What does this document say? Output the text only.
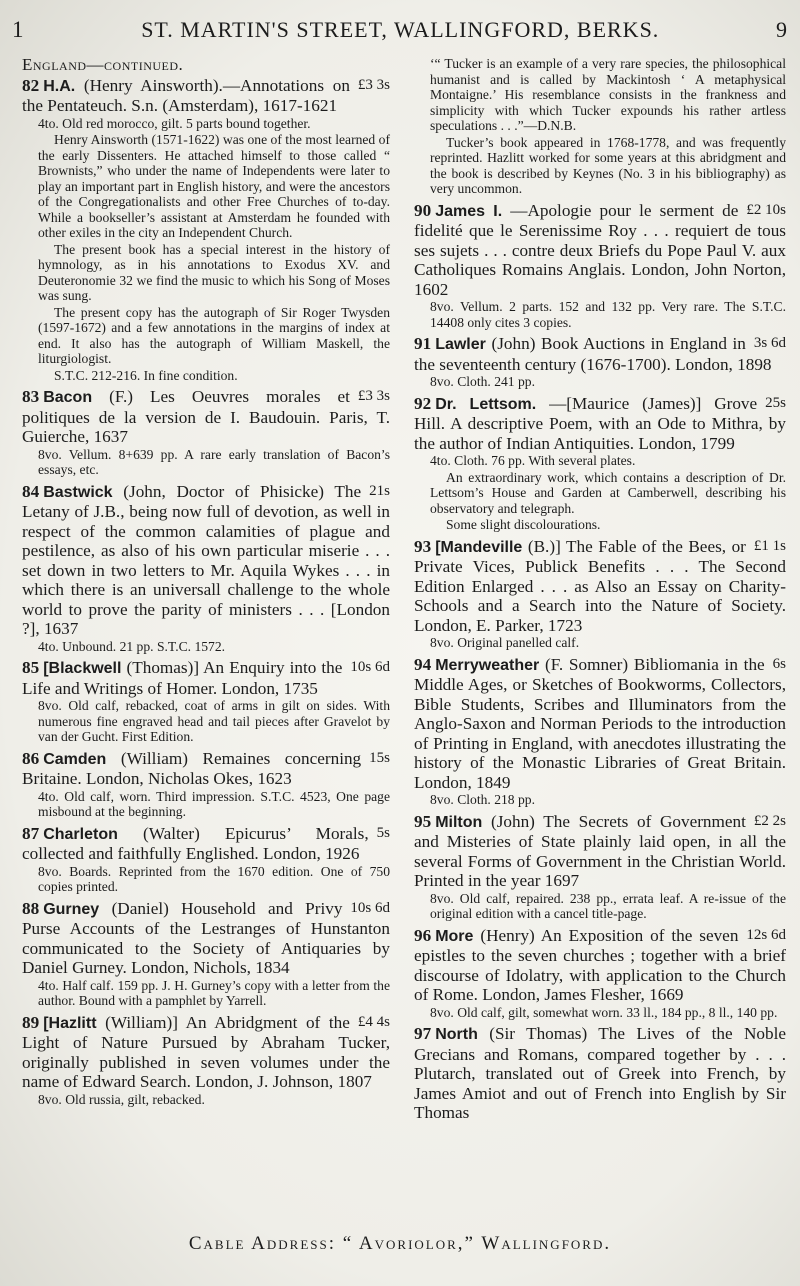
1	ST. MARTIN'S STREET, WALLINGFORD, BERKS.	9
England—continued.
£3 3s
82 H.A. (Henry Ainsworth).—Annotations on the Pentateuch. S.n. (Amsterdam), 1617-1621

4to. Old red morocco, gilt. 5 parts bound together.

Henry Ainsworth (1571-1622) was one of the most learned of the early Dissenters. He attached himself to those called “ Brownists,” who under the name of Independents were later to play an important part in English history, and were the ancestors of the Congregationalists and other Free Churches of to-day. While a bookseller’s assistant at Amsterdam he founded with other exiles in the city an Independent Church.

The present book has a special interest in the history of hymnology, as in his annotations to Exodus XV. and Deuteronomie 32 we find the music to which his Song of Moses was sung.

The present copy has the autograph of Sir Roger Twysden (1597-1672) and a few annotations in the margins of index at end. It also has the autograph of William Maskell, the liturgiologist.

S.T.C. 212-216. In fine condition.

£3 3s
83 Bacon (F.) Les Oeuvres morales et politiques de la version de I. Baudouin. Paris, T. Guierche, 1637

8vo. Vellum. 8+639 pp. A rare early translation of Bacon’s essays, etc.

21s
84 Bastwick (John, Doctor of Phisicke) The Letany of J.B., being now full of devotion, as well in respect of the common calamities of plague and pestilence, as also of his own particular miserie . . . set down in two letters to Mr. Aquila Wykes . . . in which there is an universall challenge to the whole world to prove the parity of ministers . . . [London ?], 1637

4to. Unbound. 21 pp. S.T.C. 1572.

10s 6d
85 [Blackwell (Thomas)] An Enquiry into the Life and Writings of Homer. London, 1735

8vo. Old calf, rebacked, coat of arms in gilt on sides. With numerous fine engraved head and tail pieces after Gravelot by van der Gucht. First Edition.

15s
86 Camden (William) Remaines concerning Britaine. London, Nicholas Okes, 1623

4to. Old calf, worn. Third impression. S.T.C. 4523, One page misbound at the beginning.

5s
87 Charleton (Walter) Epicurus’ Morals, collected and faithfully Englished. London, 1926

8vo. Boards. Reprinted from the 1670 edition. One of 750 copies printed.

10s 6d
88 Gurney (Daniel) Household and Privy Purse Accounts of the Lestranges of Hunstanton communicated to the Society of Antiquaries by Daniel Gurney. London, Nichols, 1834

4to. Half calf. 159 pp. J. H. Gurney’s copy with a letter from the author. Bound with a pamphlet by Yarrell.

£4 4s
89 [Hazlitt (William)] An Abridgment of the Light of Nature Pursued by Abraham Tucker, originally published in seven volumes under the name of Edward Search. London, J. Johnson, 1807

8vo. Old russia, gilt, rebacked.

‘“ Tucker is an example of a very rare species, the philosophical humanist and is called by Mackintosh ‘ A metaphysical Montaigne.’ His resemblance consists in the frankness and simplicity with which Tucker expounds his rather artless speculations . . .”—D.N.B.

Tucker’s book appeared in 1768-1778, and was frequently reprinted. Hazlitt worked for some years at this abridgment and the book is described by Keynes (No. 3 in his bibliography) as very uncommon.

£2 10s
90 James I. —Apologie pour le serment de fidelité que le Serenissime Roy . . . requiert de tous ses sujets . . . contre deux Briefs du Pope Paul V. aux Catholiques Romains Anglais. London, John Norton, 1602

8vo. Vellum. 2 parts. 152 and 132 pp. Very rare. The S.T.C. 14408 only cites 3 copies.

3s 6d
91 Lawler (John) Book Auctions in England in the seventeenth century (1676-1700). London, 1898

8vo. Cloth. 241 pp.

25s
92 Dr. Lettsom. —[Maurice (James)] Grove Hill. A descriptive Poem, with an Ode to Mithra, by the author of Indian Antiquities. London, 1799

4to. Cloth. 76 pp. With several plates.

An extraordinary work, which contains a description of Dr. Lettsom’s House and Garden at Camberwell, describing his observatory and telegraph.

Some slight discolourations.

£1 1s
93 [Mandeville (B.)] The Fable of the Bees, or Private Vices, Publick Benefits . . . The Second Edition Enlarged . . . as Also an Essay on Charity-Schools and a Search into the Nature of Society. London, E. Parker, 1723

8vo. Original panelled calf.

6s
94 Merryweather (F. Somner) Bibliomania in the Middle Ages, or Sketches of Bookworms, Collectors, Bible Students, Scribes and Illuminators from the Anglo-Saxon and Norman Periods to the introduction of Printing in England, with anecdotes illustrating the history of the Monastic Libraries of Great Britain. London, 1849

8vo. Cloth. 218 pp.

£2 2s
95 Milton (John) The Secrets of Government and Misteries of State plainly laid open, in all the several Forms of Government in the Christian World. Printed in the year 1697

8vo. Old calf, repaired. 238 pp., errata leaf. A re-issue of the original edition with a cancel title-page.

12s 6d
96 More (Henry) An Exposition of the seven epistles to the seven churches ; together with a brief discourse of Idolatry, with application to the Church of Rome. London, James Flesher, 1669

8vo. Old calf, gilt, somewhat worn. 33 ll., 184 pp., 8 ll., 140 pp.

97 North (Sir Thomas) The Lives of the Noble Grecians and Romans, compared together by . . . Plutarch, translated out of Greek into French, by James Amiot and out of French into English by Sir Thomas
Cable Address: “ Avoriolor,” Wallingford.
